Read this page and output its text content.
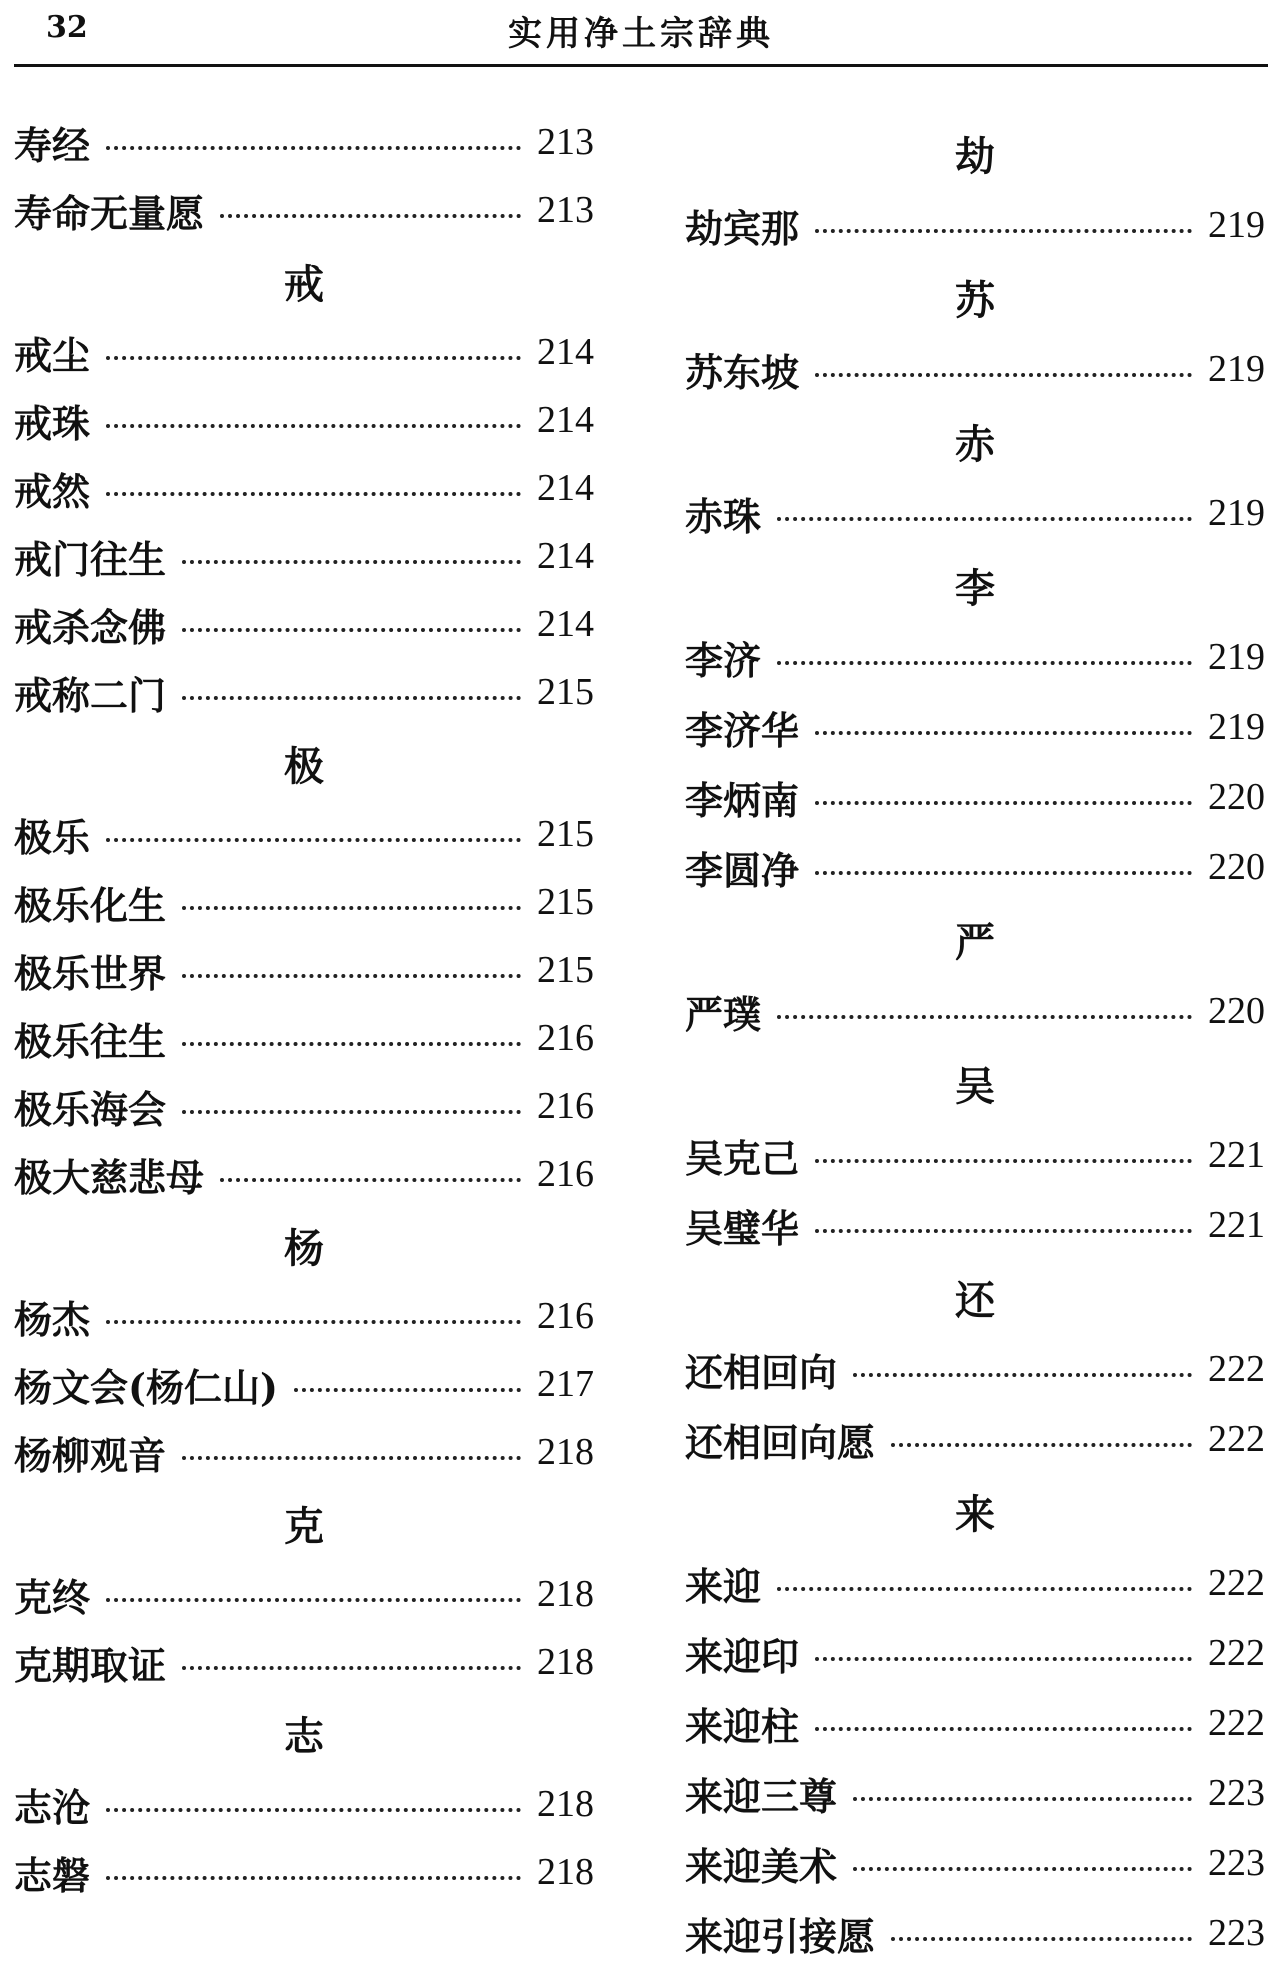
32	实用净土宗辞典
寿经	213
寿命无量愿	213
戒
戒尘	214
戒珠	214
戒然	214
戒门往生	214
戒杀念佛	214
戒称二门	215
极
极乐	215
极乐化生	215
极乐世界	215
极乐往生	216
极乐海会	216
极大慈悲母	216
杨
杨杰	216
杨文会(杨仁山)	217
杨柳观音	218
克
克终	218
克期取证	218
志
志沧	218
志磐	218
劫
劫宾那	219
苏
苏东坡	219
赤
赤珠	219
李
李济	219
李济华	219
李炳南	220
李圆净	220
严
严璞	220
吴
吴克己	221
吴璧华	221
还
还相回向	222
还相回向愿	222
来
来迎	222
来迎印	222
来迎柱	222
来迎三尊	223
来迎美术	223
来迎引接愿	223
